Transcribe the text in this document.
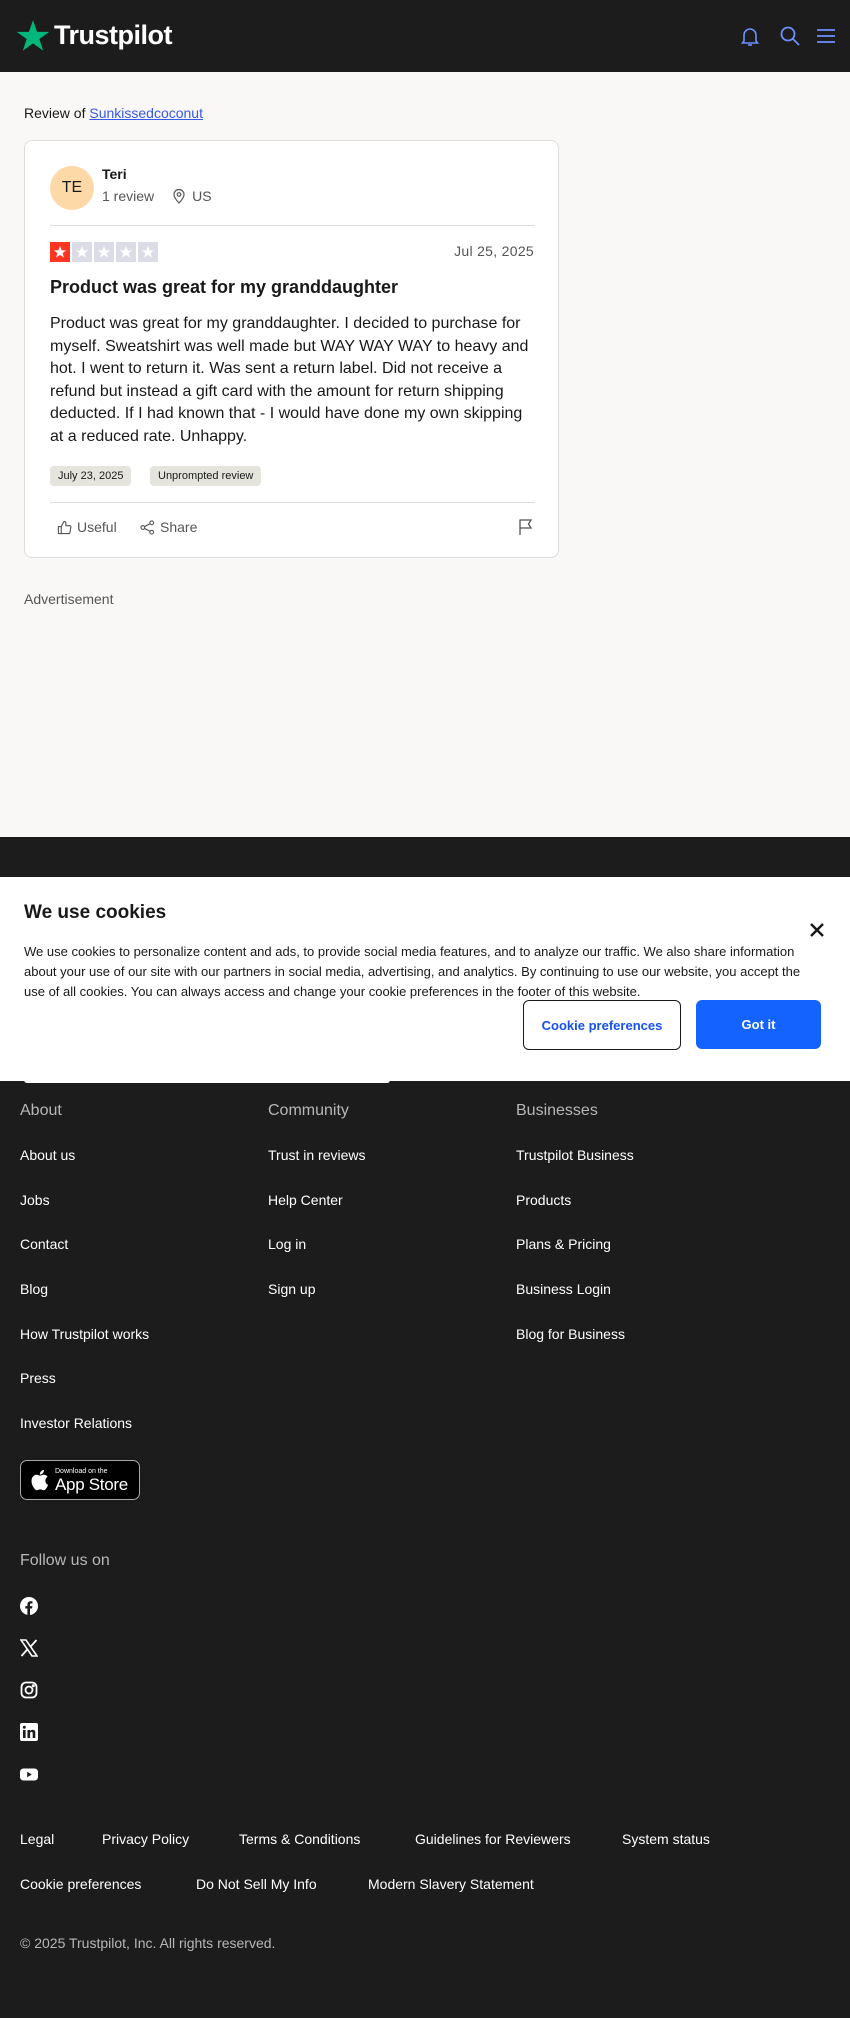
Trustpilot
Review of Sunkissedcoconut
TE
Teri
1 review	US
Jul 25, 2025
Product was great for my granddaughter
Product was great for my granddaughter. I decided to purchase for myself. Sweatshirt was well made but WAY WAY WAY to heavy and hot. I went to return it. Was sent a return label. Did not receive a refund but instead a gift card with the amount for return shipping deducted. If I had known that - I would have done my own skipping at a reduced rate. Unhappy.
July 23, 2025	Unprompted review
Useful	Share
Advertisement
We use cookies
We use cookies to personalize content and ads, to provide social media features, and to analyze our traffic. We also share information about your use of our site with our partners in social media, advertising, and analytics. By continuing to use our website, you accept the use of all cookies. You can always access and change your cookie preferences in the footer of this website.
Cookie preferences	Got it
About
About us
Jobs
Contact
Blog
How Trustpilot works
Press
Investor Relations
Community
Trust in reviews
Help Center
Log in
Sign up
Businesses
Trustpilot Business
Products
Plans & Pricing
Business Login
Blog for Business
Download on the
App Store
Follow us on
Legal	Privacy Policy	Terms & Conditions	Guidelines for Reviewers	System status
Cookie preferences	Do Not Sell My Info	Modern Slavery Statement
© 2025 Trustpilot, Inc. All rights reserved.
